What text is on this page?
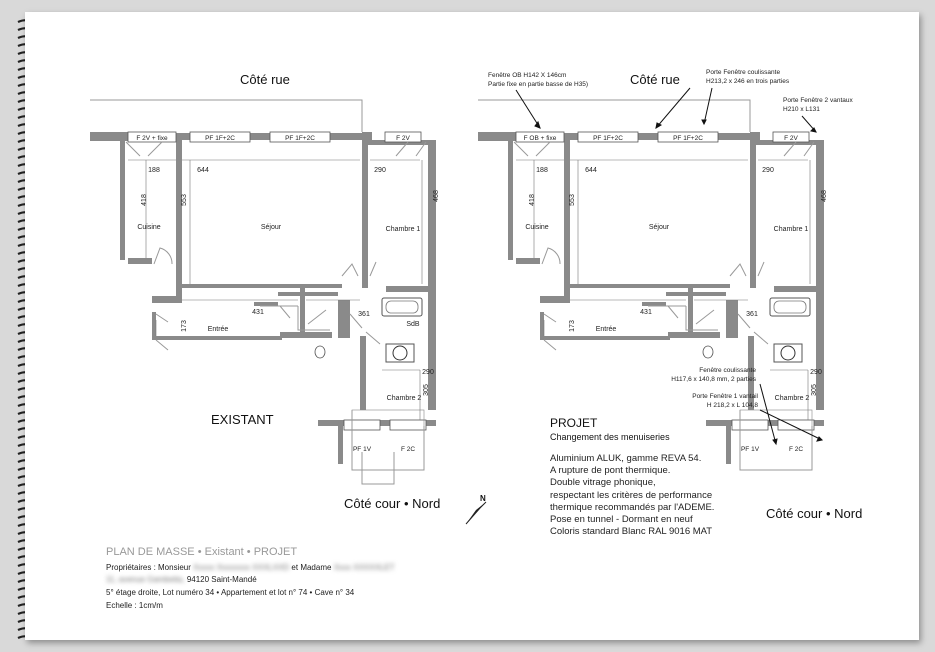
188	644	290
418	553	468
431	361
173
290
305
188	644	290
418	553	468
431	361
173
290
305
Cuisine	Séjour	Chambre 1
Entrée
SdB
Chambre 2
Cuisine	Séjour	Chambre 1
Entrée
Chambre 2
F 2V + fixe	PF 1F+2C	PF 1F+2C	F 2V
PF 1V	F 2C
F OB + fixe	PF 1F+2C	PF 1F+2C	F 2V
PF 1V	F 2C
Fenêtre OB H142 X 146cm
Partie fixe en partie basse de H35)
Porte Fenêtre coulissante
H213,2 x 246 en trois parties
Porte Fenêtre 2 vantaux
H210 x L131
Fenêtre coulissante
H117,6 x 140,8 mm, 2 parties
Porte Fenêtre 1 vantail
H 218,2 x L 104,8
Côté rue	Côté rue
Côté cour • Nord
Côté cour • Nord
EXISTANT
N
PROJET
Changement des menuiseries
Aluminium ALUK, gamme REVA 54.
A rupture de pont thermique.
Double vitrage phonique,
respectant les critères de performance
thermique recommandés par l'ADEME.
Pose en tunnel - Dormant en neuf
Coloris standard Blanc RAL 9016 MAT
PLAN DE MASSE • Existant • PROJET
Propriétaires : Monsieur Xxxxx Xxxxxxxx XXXLXXD et Madame Xxxx XXXXXLET
11, avenue Gambetta, 94120 Saint-Mandé
5° étage droite, Lot numéro 34 • Appartement et lot n° 74 • Cave n° 34
Echelle : 1cm/m
